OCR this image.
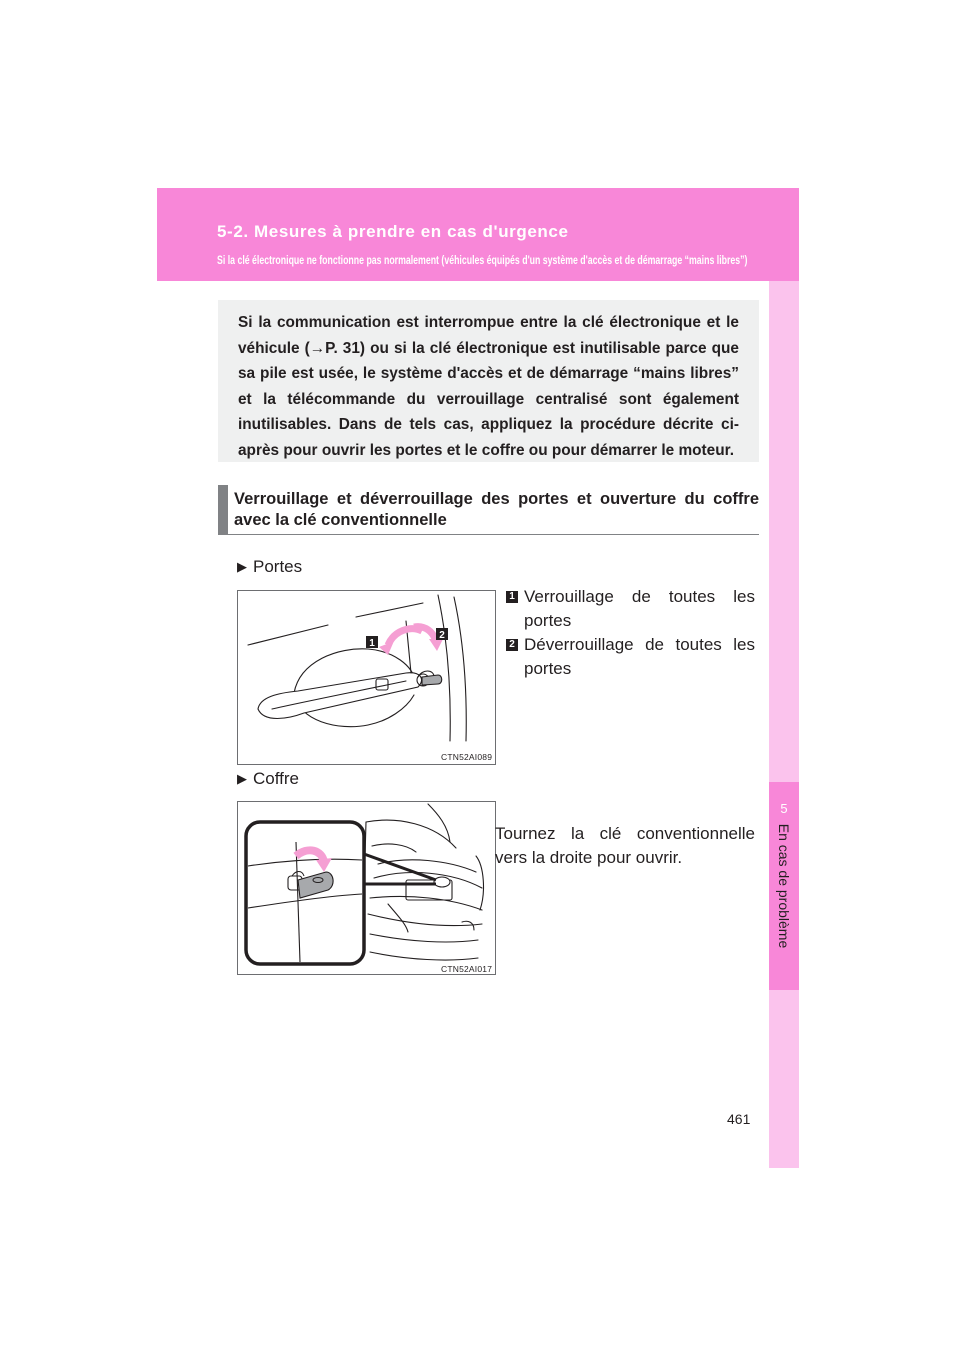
5-2. Mesures à prendre en cas d'urgence
Si la clé électronique ne fonctionne pas normalement (véhicules équipés d'un système d'accès et de démarrage “mains libres”)
5
En cas de problème

Si la communication est interrompue entre la clé électronique et le véhicule (→P. 31) ou si la clé électronique est inutilisable parce que sa pile est usée, le système d'accès et de démarrage “mains libres” et la télécommande du verrouillage centralisé sont également inutilisables. Dans de tels cas, appliquez la procédure décrite ci-après pour ouvrir les portes et le coffre ou pour démarrer le moteur.

Verrouillage et déverrouillage des portes et ouverture du coffre avec la clé conventionnelle
▶ Portes
1
2
CTN52AI089
1 Verrouillage de toutes les portes
2 Déverrouillage de toutes les portes
▶ Coffre
CTN52AI017
Tournez la clé conventionnelle vers la droite pour ouvrir.
461
